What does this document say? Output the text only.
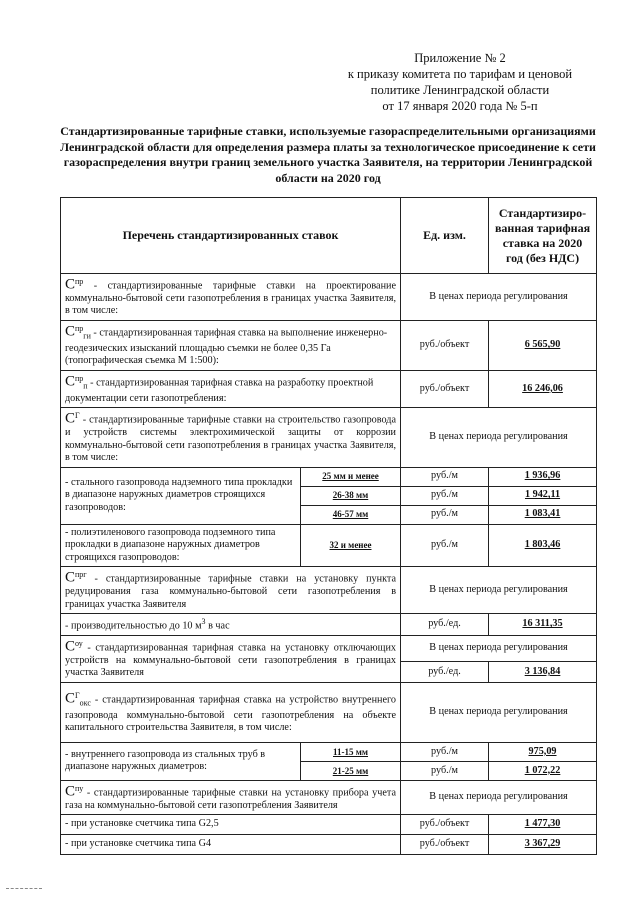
Приложение № 2
к приказу комитета по тарифам и ценовой
политике Ленинградской области
от 17 января 2020 года № 5-п
Стандартизированные тарифные ставки, используемые газораспределительными организациями Ленинградской области для определения размера платы за технологическое присоединение к сети газораспределения внутри границ земельного участка Заявителя, на территории Ленинградской области на 2020 год
Перечень стандартизированных ставок		Ед. изм.	Стандартизиро-ванная тарифная ставка на 2020 год (без НДС)
$С^{пр}$ - стандартизированные тарифные ставки на проектирование коммунально-бытовой сети газопотребления в границах участка Заявителя, в том числе:		В ценах периода регулирования	
$С^{пр}_{ги}$ - стандартизированная тарифная ставка на выполнение инженерно-геодезических изысканий площадью съемки не более 0,35 Га (топографическая съемка М 1:500):		руб./объект	6 565,90
$С^{пр}_п$ - стандартизированная тарифная ставка на разработку проектной документации сети газопотребления:		руб./объект	16 246,06
$С^Г$ - стандартизированные тарифные ставки на строительство газопровода и устройств системы электрохимической защиты от коррозии коммунально-бытовой сети газопотребления в границах участка Заявителя, в том числе:		В ценах периода регулирования	
- стального газопровода надземного типа прокладки в диапазоне наружных диаметров строящихся газопроводов:	25 мм и менее	руб./м	1 936,96
	26-38 мм	руб./м	1 942,11
	46-57 мм	руб./м	1 083,41
- полиэтиленового газопровода подземного типа прокладки в диапазоне наружных диаметров строящихся газопроводов:	32 и менее	руб./м	1 803,46
$С^{прг}$ - стандартизированные тарифные ставки на установку пункта редуцирования газа коммунально-бытовой сети газопотребления в границах участка Заявителя		В ценах периода регулирования	
- производительностью до 10 $м^3$ в час		руб./ед.	16 311,35
$С^{оу}$ - стандартизированная тарифная ставка на установку отключающих устройств на коммунально-бытовой сети газопотребления в границах участка Заявителя		В ценах периода регулирования	
		руб./ед.	3 136,84
$С^Г_{окс}$ - стандартизированная тарифная ставка на устройство внутреннего газопровода коммунально-бытовой сети газопотребления на объекте капитального строительства Заявителя, в том числе:		В ценах периода регулирования	
- внутреннего газопровода из стальных труб в диапазоне наружных диаметров:	11-15 мм	руб./м	975,09
	21-25 мм	руб./м	1 072,22
$С^{пу}$ - стандартизированные тарифные ставки на установку прибора учета газа на коммунально-бытовой сети газопотребления Заявителя		В ценах периода регулирования	
- при установке счетчика типа G2,5		руб./объект	1 477,30
- при установке счетчика типа G4		руб./объект	3 367,29
